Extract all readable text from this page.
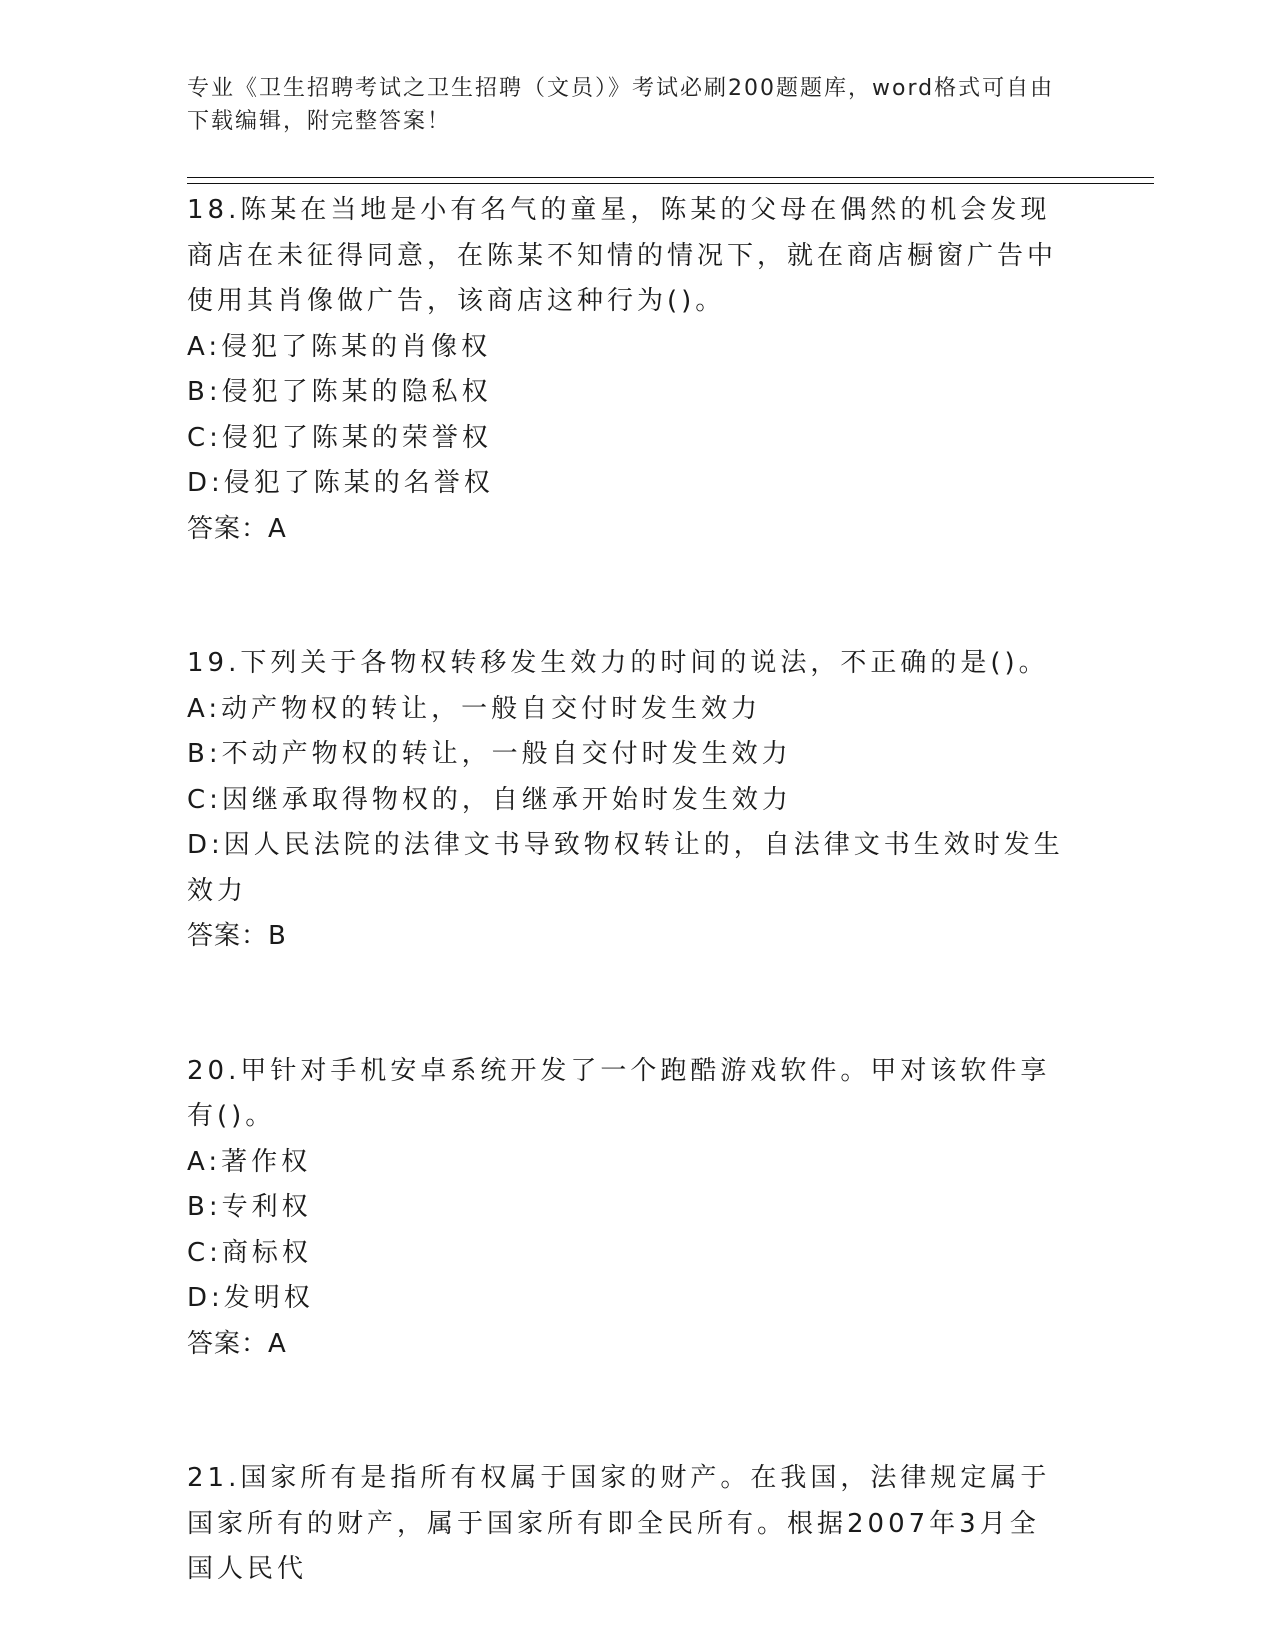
专业《卫生招聘考试之卫生招聘（文员）》考试必刷200题题库，word格式可自由下载编辑，附完整答案！

18.陈某在当地是小有名气的童星，陈某的父母在偶然的机会发现商店在未征得同意，在陈某不知情的情况下，就在商店橱窗广告中使用其肖像做广告，该商店这种行为()。

A:侵犯了陈某的肖像权

B:侵犯了陈某的隐私权

C:侵犯了陈某的荣誉权

D:侵犯了陈某的名誉权

答案：A

19.下列关于各物权转移发生效力的时间的说法，不正确的是()。

A:动产物权的转让，一般自交付时发生效力

B:不动产物权的转让，一般自交付时发生效力

C:因继承取得物权的，自继承开始时发生效力

D:因人民法院的法律文书导致物权转让的，自法律文书生效时发生效力

答案：B

20.甲针对手机安卓系统开发了一个跑酷游戏软件。甲对该软件享有()。

A:著作权

B:专利权

C:商标权

D:发明权

答案：A

21.国家所有是指所有权属于国家的财产。在我国，法律规定属于国家所有的财产，属于国家所有即全民所有。根据2007年3月全国人民代
